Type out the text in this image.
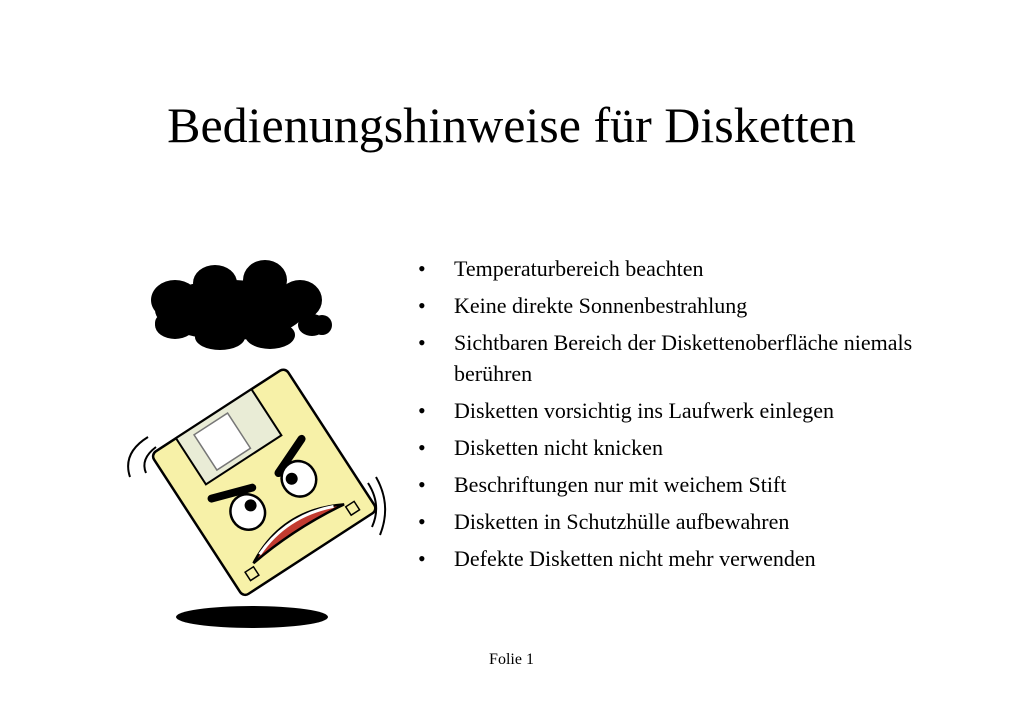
Bedienungshinweise für Disketten
•	Temperaturbereich beachten
•	Keine direkte Sonnenbestrahlung
•	Sichtbaren Bereich der Diskettenoberfläche niemals berühren
•	Disketten vorsichtig ins Laufwerk einlegen
•	Disketten nicht knicken
•	Beschriftungen nur mit weichem Stift
•	Disketten in Schutzhülle aufbewahren
•	Defekte Disketten nicht mehr verwenden
Folie 1
